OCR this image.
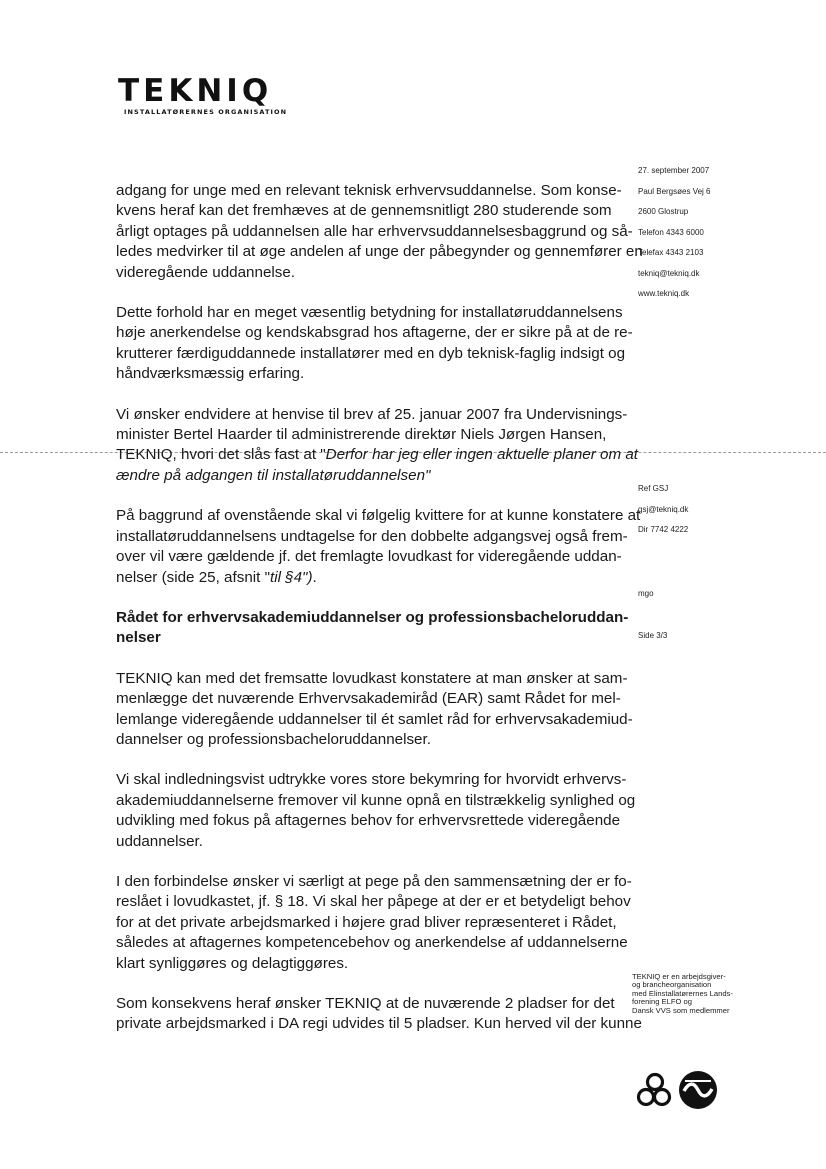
TEKNIQ
INSTALLATØRERNES ORGANISATION
27. september 2007
Paul Bergsøes Vej 6
2600 Glostrup
Telefon 4343 6000
Telefax 4343 2103
tekniq@tekniq.dk
www.tekniq.dk
Ref GSJ
gsj@tekniq.dk
Dir 7742 4222
mgo
Side 3/3
adgang for unge med en relevant teknisk erhvervsuddannelse. Som konse-
kvens heraf kan det fremhæves at de gennemsnitligt 280 studerende som
årligt optages på uddannelsen alle har erhvervsuddannelsesbaggrund og så-
ledes medvirker til at øge andelen af unge der påbegynder og gennemfører en
videregående uddannelse.
Dette forhold har en meget væsentlig betydning for installatøruddannelsens
høje anerkendelse og kendskabsgrad hos aftagerne, der er sikre på at de re-
krutterer færdiguddannede installatører med en dyb teknisk-faglig indsigt og
håndværksmæssig erfaring.
Vi ønsker endvidere at henvise til brev af 25. januar 2007 fra Undervisnings-
minister Bertel Haarder til administrerende direktør Niels Jørgen Hansen,
TEKNIQ, hvori det slås fast at "Derfor har jeg eller ingen aktuelle planer om at
ændre på adgangen til installatøruddannelsen"
På baggrund af ovenstående skal vi følgelig kvittere for at kunne konstatere at
installatøruddannelsens undtagelse for den dobbelte adgangsvej også frem-
over vil være gældende jf. det fremlagte lovudkast for videregående uddan-
nelser (side 25, afsnit "til §4").
Rådet for erhvervsakademiuddannelser og professionsbacheloruddan-
nelser
TEKNIQ kan med det fremsatte lovudkast konstatere at man ønsker at sam-
menlægge det nuværende Erhvervsakademiråd (EAR) samt Rådet for mel-
lemlange videregående uddannelser til ét samlet råd for erhvervsakademiud-
dannelser og professionsbacheloruddannelser.
Vi skal indledningsvist udtrykke vores store bekymring for hvorvidt erhvervs-
akademiuddannelserne fremover vil kunne opnå en tilstrækkelig synlighed og
udvikling med fokus på aftagernes behov for erhvervsrettede videregående
uddannelser.
I den forbindelse ønsker vi særligt at pege på den sammensætning der er fo-
reslået i lovudkastet, jf. § 18. Vi skal her påpege at der er et betydeligt behov
for at det private arbejdsmarked i højere grad bliver repræsenteret i Rådet,
således at aftagernes kompetencebehov og anerkendelse af uddannelserne
klart synliggøres og delagtiggøres.
Som konsekvens heraf ønsker TEKNIQ at de nuværende 2 pladser for det
private arbejdsmarked i DA regi udvides til 5 pladser. Kun herved vil der kunne
TEKNIQ er en arbejdsgiver-
og brancheorganisation
med Elinstallatørernes Lands-
forening ELFO og
Dansk VVS som medlemmer
